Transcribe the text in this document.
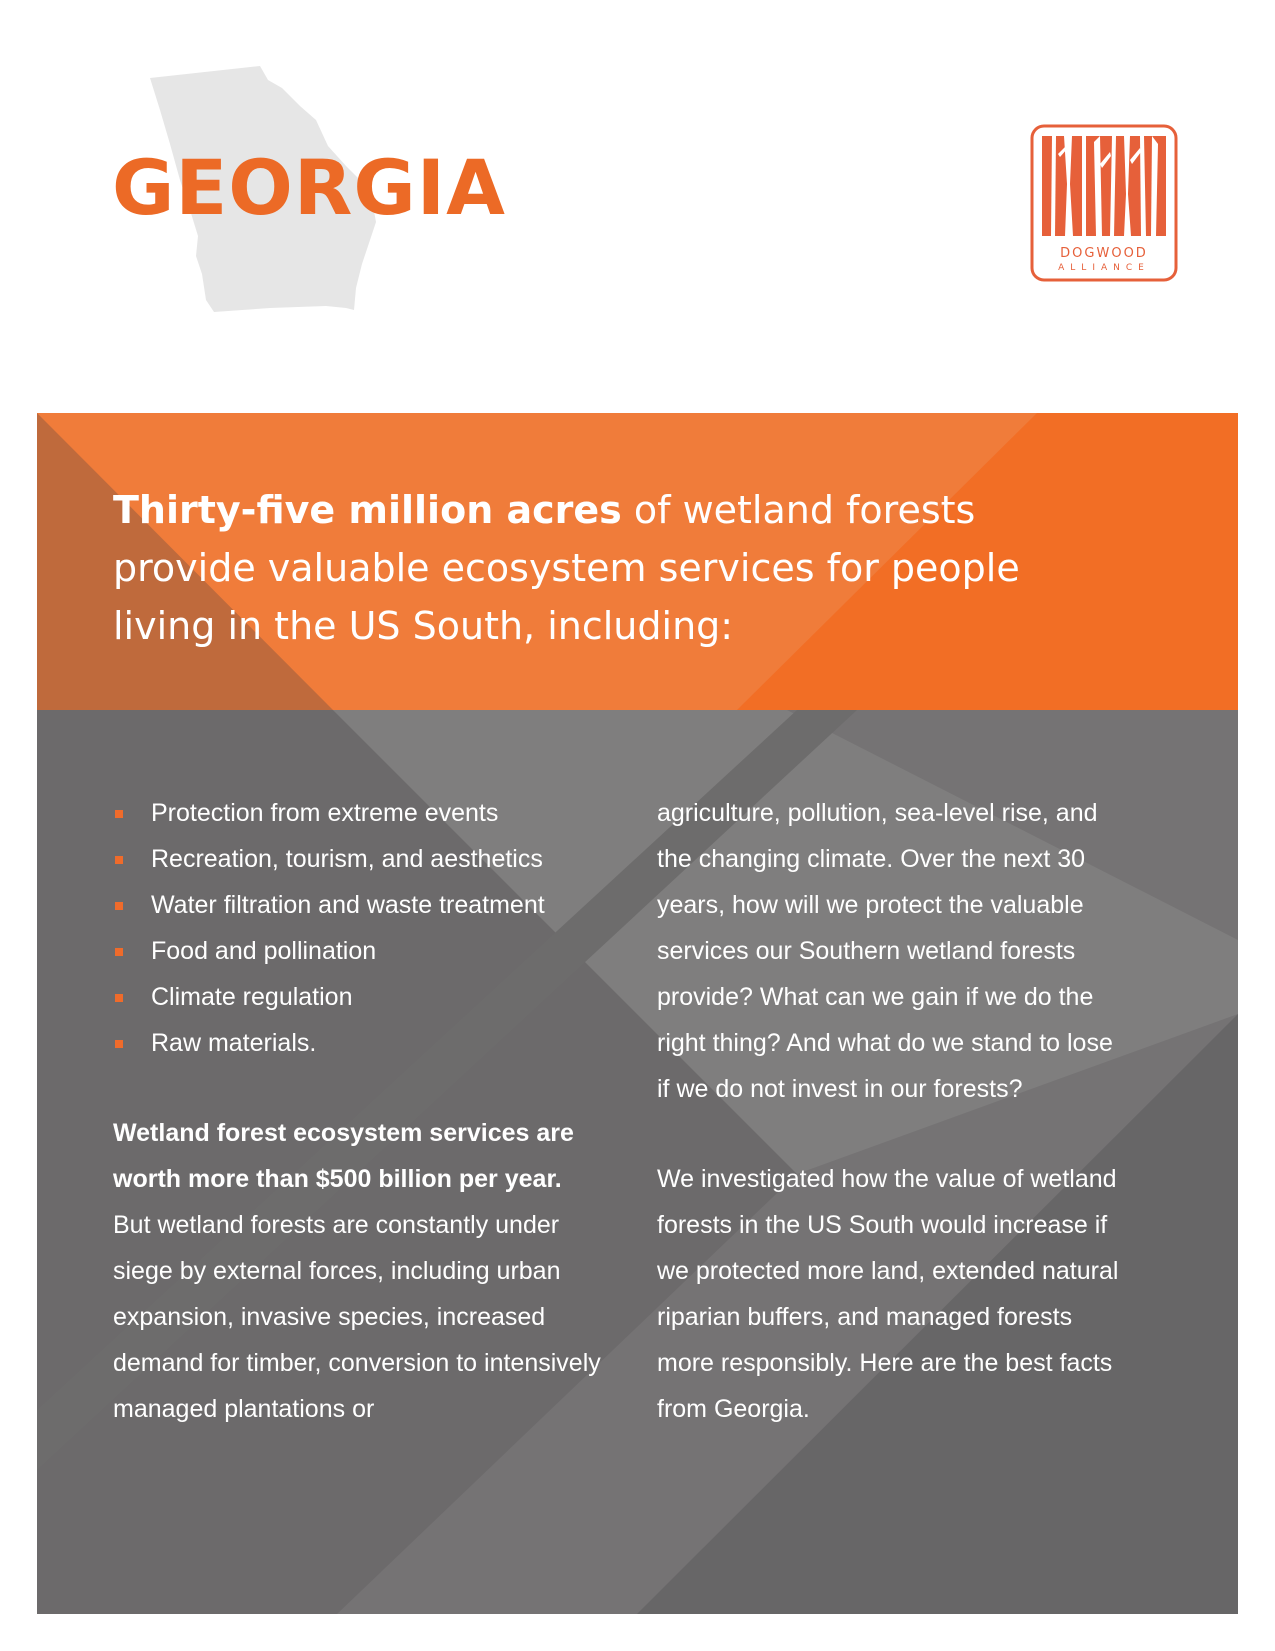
GEORGIA
DOGWOOD
ALLIANCE

Thirty-five million acres of wetland forests provide valuable ecosystem services for people living in the US South, including:

Protection from extreme events
Recreation, tourism, and aesthetics
Water filtration and waste treatment
Food and pollination
Climate regulation
Raw materials.

Wetland forest ecosystem services are worth more than $500 billion per year. But wetland forests are constantly under siege by external forces, including urban expansion, invasive species, increased demand for timber, conversion to intensively managed plantations or

agriculture, pollution, sea-level rise, and the changing climate. Over the next 30 years, how will we protect the valuable services our Southern wetland forests provide? What can we gain if we do the right thing? And what do we stand to lose if we do not invest in our forests?

We investigated how the value of wetland forests in the US South would increase if we protected more land, extended natural riparian buffers, and managed forests more responsibly. Here are the best facts from Georgia.
